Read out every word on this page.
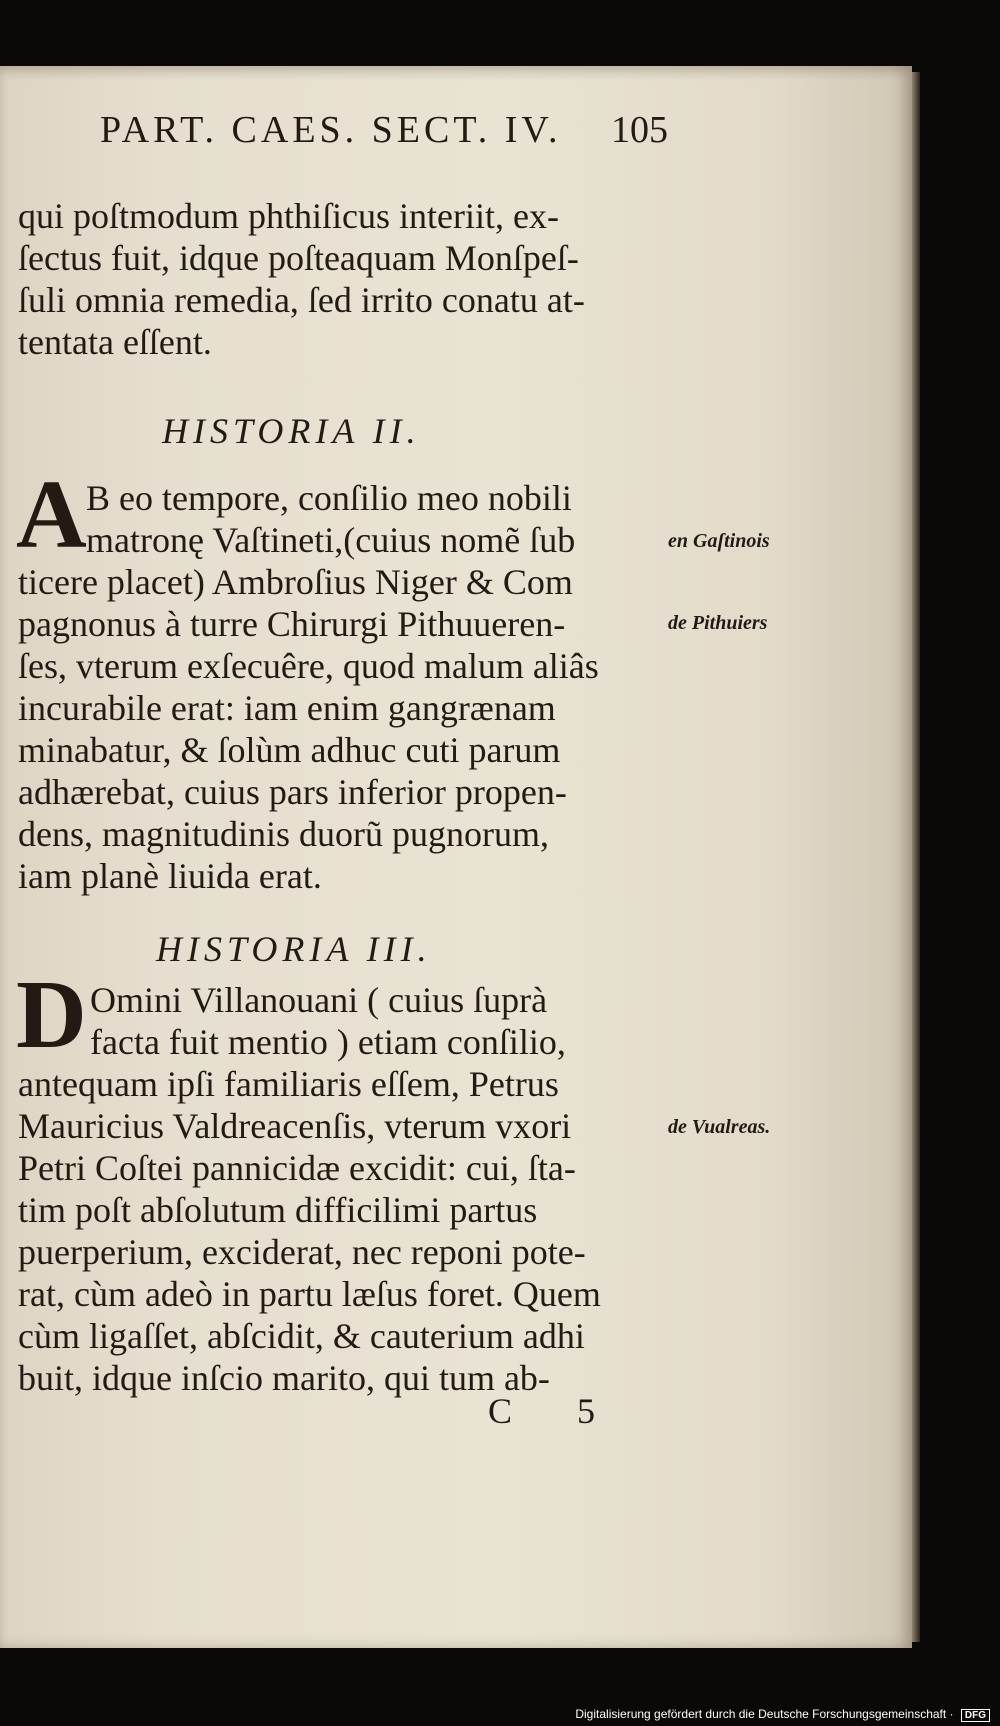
PART. CAES. SECT. IV. 105
qui poſtmodum phthiſicus interiit, ex-
ſectus fuit, idque poſteaquam Monſpeſ-
ſuli omnia remedia, ſed irrito conatu at-
tentata eſſent.
HISTORIA II.
A B eo tempore, conſilio meo nobili
matronę Vaſtineti,(cuius nomẽ ſub
ticere placet) Ambroſius Niger & Com
pagnonus à turre Chirurgi Pithuueren-
ſes, vterum exſecuêre, quod malum aliâs
incurabile erat: iam enim gangrænam
minabatur, & ſolùm adhuc cuti parum
adhærebat, cuius pars inferior propen-
dens, magnitudinis duorũ pugnorum,
iam planè liuida erat.
en Gaſtinois
de Pithuiers
HISTORIA III.
D Omini Villanouani ( cuius ſuprà
facta fuit mentio ) etiam conſilio,
antequam ipſi familiaris eſſem, Petrus
Mauricius Valdreacenſis, vterum vxori
Petri Coſtei pannicidæ excidit: cui, ſta-
tim poſt abſolutum difficilimi partus
puerperium, exciderat, nec reponi pote-
rat, cùm adeò in partu læſus foret. Quem
cùm ligaſſet, abſcidit, & cauterium adhi
buit, idque inſcio marito, qui tum ab-
de Vualreas.
C 5
Digitalisierung gefördert durch die Deutsche Forschungsgemeinschaft · DFG
